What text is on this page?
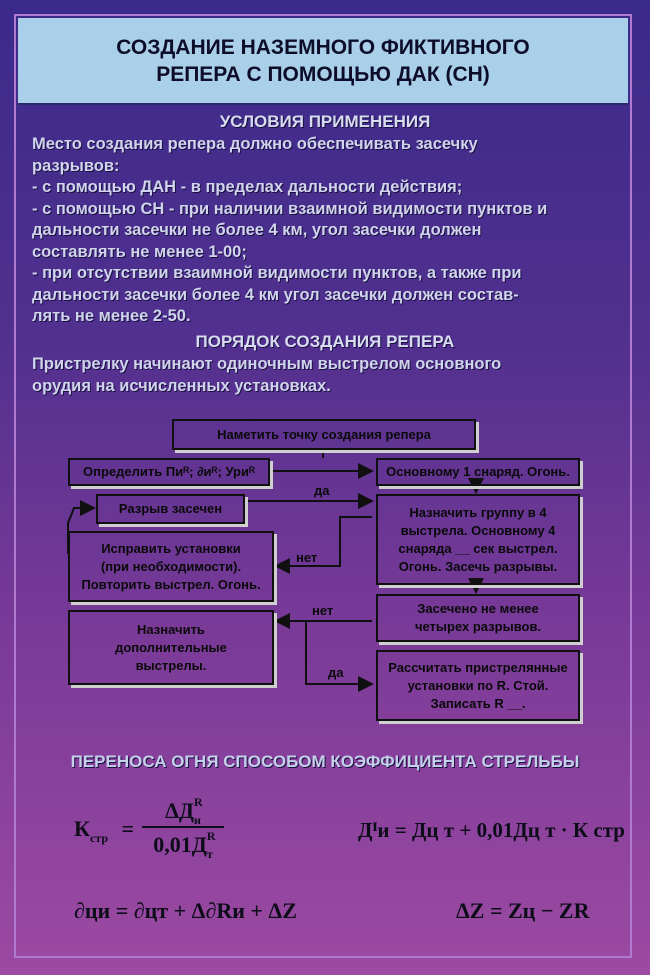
СОЗДАНИЕ НАЗЕМНОГО ФИКТИВНОГО
РЕПЕРА С ПОМОЩЬЮ ДАК (СН)
УСЛОВИЯ ПРИМЕНЕНИЯ
Место создания репера должно обеспечивать засечку
разрывов:
- с помощью ДАН - в пределах дальности действия;
- с помощью СН - при наличии взаимной видимости пунктов и
дальности засечки не более 4 км, угол засечки должен
составлять не менее 1-00;
- при отсутствии взаимной видимости пунктов, а также при
дальности засечки более 4 км угол засечки должен состав-
лять не менее 2-50.
ПОРЯДОК СОЗДАНИЯ РЕПЕРА
Пристрелку начинают одиночным выстрелом основного
орудия на исчисленных установках.
Наметить точку создания репера
Определить Пиᴿ; ∂иᴿ; Уриᴿ	Основному 1 снаряд. Огонь.
Разрыв засечен	Назначить группу в 4
выстрела. Основному 4
снаряда __ сек выстрел.
Огонь. Засечь разрывы.
Исправить установки
(при необходимости).
Повторить выстрел. Огонь.
Засечено не менее
четырех разрывов.
Назначить
дополнительные
выстрелы.	Рассчитать пристрелянные
установки по R. Стой.
Записать R __.
да
нет
нет
да
ПЕРЕНОСА ОГНЯ СПОСОБОМ КОЭФФИЦИЕНТА СТРЕЛЬБЫ
$К_{стр}$ =
ΔД R
и
0,01Д R
т
Дᴵи = Дц т + 0,01Дц т · К стр
∂ци = ∂цт + Δ∂Rи + ΔZ	ΔZ = Zц − ZR
